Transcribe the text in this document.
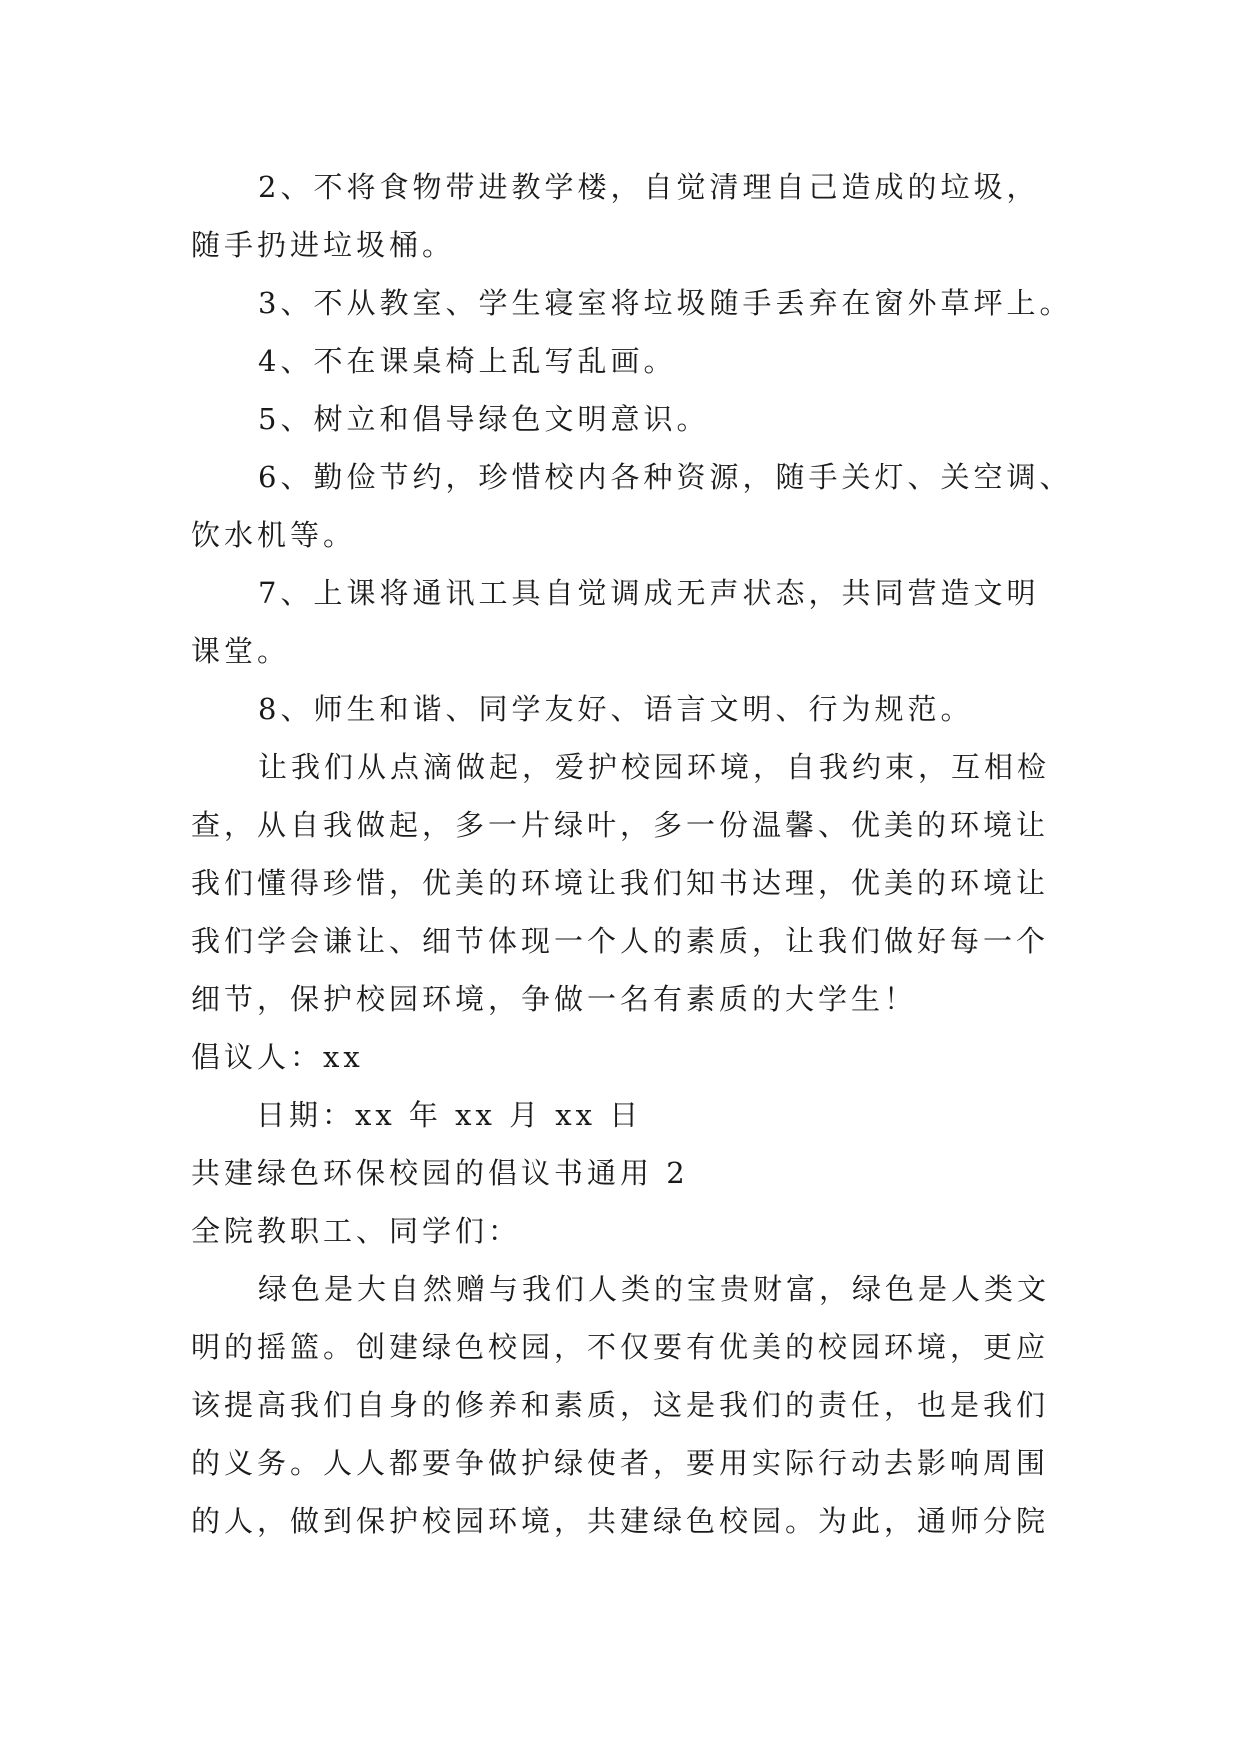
2、不将食物带进教学楼，自觉清理自己造成的垃圾，

随手扔进垃圾桶。

3、不从教室、学生寝室将垃圾随手丢弃在窗外草坪上。

4、不在课桌椅上乱写乱画。

5、树立和倡导绿色文明意识。

6、勤俭节约，珍惜校内各种资源，随手关灯、关空调、

饮水机等。

7、上课将通讯工具自觉调成无声状态，共同营造文明

课堂。

8、师生和谐、同学友好、语言文明、行为规范。

让我们从点滴做起，爱护校园环境，自我约束，互相检

查，从自我做起，多一片绿叶，多一份温馨、优美的环境让

我们懂得珍惜，优美的环境让我们知书达理，优美的环境让

我们学会谦让、细节体现一个人的素质，让我们做好每一个

细节，保护校园环境，争做一名有素质的大学生！

倡议人：xx

日期：xx 年 xx 月 xx 日

共建绿色环保校园的倡议书通用 2

全院教职工、同学们：

绿色是大自然赠与我们人类的宝贵财富，绿色是人类文

明的摇篮。创建绿色校园，不仅要有优美的校园环境，更应

该提高我们自身的修养和素质，这是我们的责任，也是我们

的义务。人人都要争做护绿使者，要用实际行动去影响周围

的人，做到保护校园环境，共建绿色校园。为此，通师分院
